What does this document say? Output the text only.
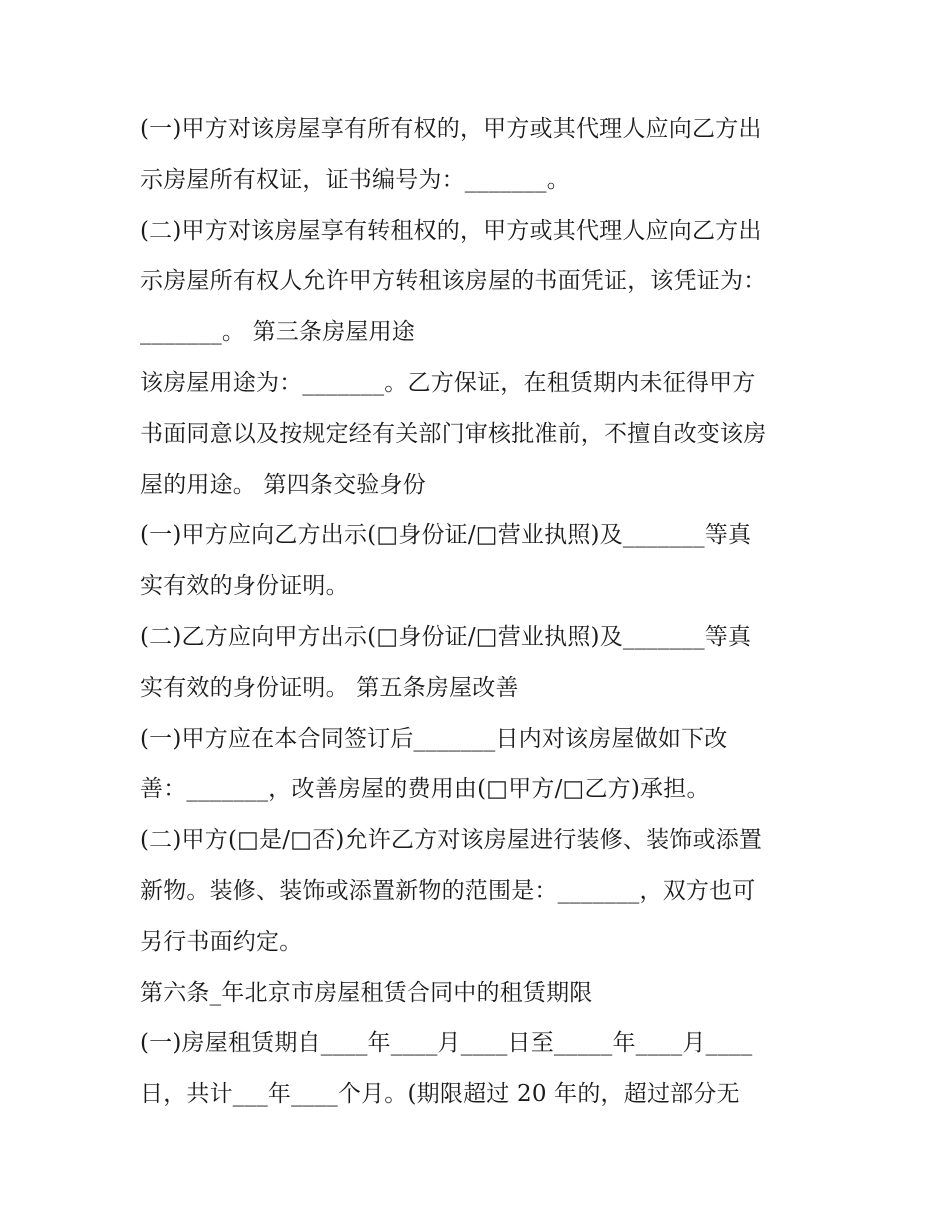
(一)甲方对该房屋享有所有权的，甲方或其代理人应向乙方出
示房屋所有权证，证书编号为：_______。
(二)甲方对该房屋享有转租权的，甲方或其代理人应向乙方出
示房屋所有权人允许甲方转租该房屋的书面凭证，该凭证为：
_______。 第三条房屋用途
该房屋用途为：_______。乙方保证，在租赁期内未征得甲方
书面同意以及按规定经有关部门审核批准前，不擅自改变该房
屋的用途。 第四条交验身份
(一)甲方应向乙方出示(□身份证/□营业执照)及_______等真
实有效的身份证明。
(二)乙方应向甲方出示(□身份证/□营业执照)及_______等真
实有效的身份证明。 第五条房屋改善
(一)甲方应在本合同签订后_______日内对该房屋做如下改
善：_______，改善房屋的费用由(□甲方/□乙方)承担。
(二)甲方(□是/□否)允许乙方对该房屋进行装修、装饰或添置
新物。装修、装饰或添置新物的范围是：_______，双方也可
另行书面约定。
第六条_年北京市房屋租赁合同中的租赁期限
(一)房屋租赁期自____年____月____日至_____年____月____
日，共计___年____个月。(期限超过 20 年的，超过部分无
